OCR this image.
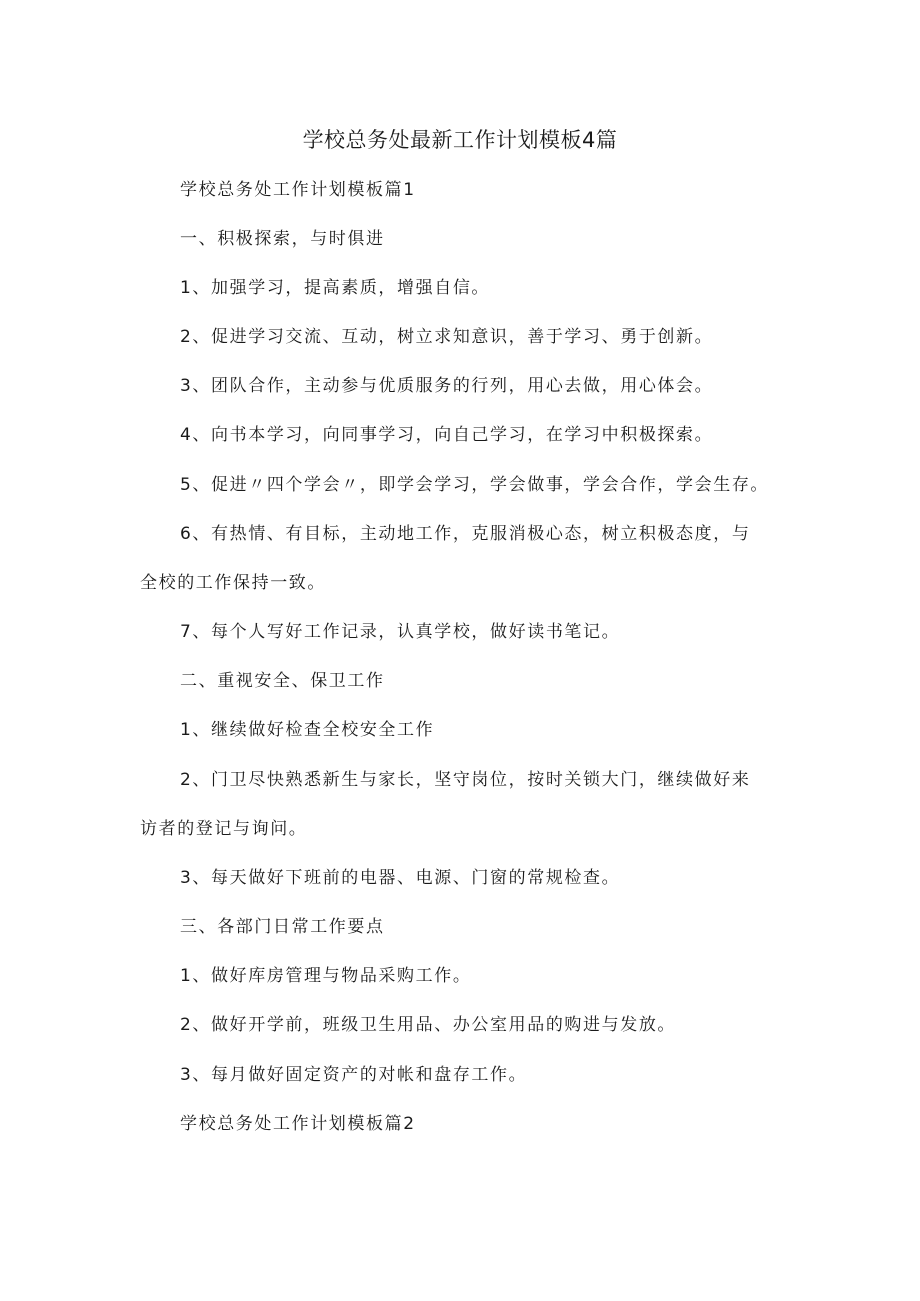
学校总务处最新工作计划模板4篇

学校总务处工作计划模板篇1

一、积极探索，与时俱进

1、加强学习，提高素质，增强自信。

2、促进学习交流、互动，树立求知意识，善于学习、勇于创新。

3、团队合作，主动参与优质服务的行列，用心去做，用心体会。

4、向书本学习，向同事学习，向自己学习，在学习中积极探索。

5、促进〃四个学会〃，即学会学习，学会做事，学会合作，学会生存。

6、有热情、有目标，主动地工作，克服消极心态，树立积极态度，与

全校的工作保持一致。

7、每个人写好工作记录，认真学校，做好读书笔记。

二、重视安全、保卫工作

1、继续做好检查全校安全工作

2、门卫尽快熟悉新生与家长，坚守岗位，按时关锁大门，继续做好来

访者的登记与询问。

3、每天做好下班前的电器、电源、门窗的常规检查。

三、各部门日常工作要点

1、做好库房管理与物品采购工作。

2、做好开学前，班级卫生用品、办公室用品的购进与发放。

3、每月做好固定资产的对帐和盘存工作。

学校总务处工作计划模板篇2
